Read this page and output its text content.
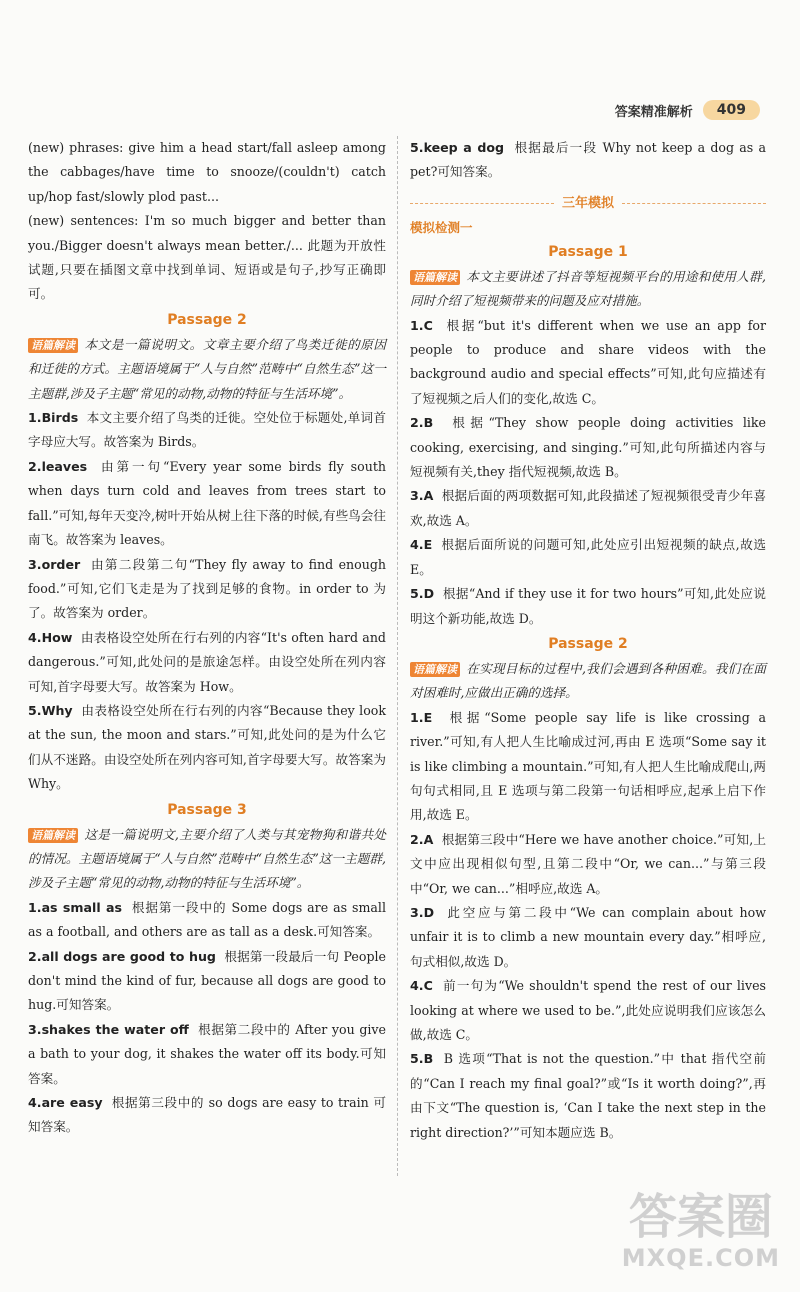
答案精准解析	409

(new) phrases: give him a head start/fall asleep among the cabbages/have time to snooze/(couldn't) catch up/hop fast/slowly plod past...

(new) sentences: I'm so much bigger and better than you./Bigger doesn't always mean better./... 此题为开放性试题,只要在插图文章中找到单词、短语或是句子,抄写正确即可。

Passage 2

语篇解读 本文是一篇说明文。文章主要介绍了鸟类迁徙的原因和迁徙的方式。主题语境属于“人与自然”范畴中“自然生态”这一主题群,涉及子主题“常见的动物,动物的特征与生活环境”。

1.Birds 本文主要介绍了鸟类的迁徙。空处位于标题处,单词首字母应大写。故答案为 Birds。

2.leaves 由第一句“Every year some birds fly south when days turn cold and leaves from trees start to fall.”可知,每年天变冷,树叶开始从树上往下落的时候,有些鸟会往南飞。故答案为 leaves。

3.order 由第二段第二句“They fly away to find enough food.”可知,它们飞走是为了找到足够的食物。in order to 为了。故答案为 order。

4.How 由表格设空处所在行右列的内容“It's often hard and dangerous.”可知,此处问的是旅途怎样。由设空处所在列内容可知,首字母要大写。故答案为 How。

5.Why 由表格设空处所在行右列的内容“Because they look at the sun, the moon and stars.”可知,此处问的是为什么它们从不迷路。由设空处所在列内容可知,首字母要大写。故答案为 Why。

Passage 3

语篇解读 这是一篇说明文,主要介绍了人类与其宠物狗和谐共处的情况。主题语境属于“人与自然”范畴中“自然生态”这一主题群,涉及子主题“常见的动物,动物的特征与生活环境”。

1.as small as 根据第一段中的 Some dogs are as small as a football, and others are as tall as a desk.可知答案。

2.all dogs are good to hug 根据第一段最后一句 People don't mind the kind of fur, because all dogs are good to hug.可知答案。

3.shakes the water off 根据第二段中的 After you give a bath to your dog, it shakes the water off its body.可知答案。

4.are easy 根据第三段中的 so dogs are easy to train 可知答案。

5.keep a dog 根据最后一段 Why not keep a dog as a pet?可知答案。

三年模拟
模拟检测一
Passage 1

语篇解读 本文主要讲述了抖音等短视频平台的用途和使用人群,同时介绍了短视频带来的问题及应对措施。

1.C 根据“but it's different when we use an app for people to produce and share videos with the background audio and special effects”可知,此句应描述有了短视频之后人们的变化,故选 C。

2.B 根据“They show people doing activities like cooking, exercising, and singing.”可知,此句所描述内容与短视频有关,they 指代短视频,故选 B。

3.A 根据后面的两项数据可知,此段描述了短视频很受青少年喜欢,故选 A。

4.E 根据后面所说的问题可知,此处应引出短视频的缺点,故选 E。

5.D 根据“And if they use it for two hours”可知,此处应说明这个新功能,故选 D。

Passage 2

语篇解读 在实现目标的过程中,我们会遇到各种困难。我们在面对困难时,应做出正确的选择。

1.E 根据“Some people say life is like crossing a river.”可知,有人把人生比喻成过河,再由 E 选项“Some say it is like climbing a mountain.”可知,有人把人生比喻成爬山,两句句式相同,且 E 选项与第二段第一句话相呼应,起承上启下作用,故选 E。

2.A 根据第三段中“Here we have another choice.”可知,上文中应出现相似句型,且第二段中“Or, we can...”与第三段中“Or, we can...”相呼应,故选 A。

3.D 此空应与第二段中“We can complain about how unfair it is to climb a new mountain every day.”相呼应,句式相似,故选 D。

4.C 前一句为“We shouldn't spend the rest of our lives looking at where we used to be.”,此处应说明我们应该怎么做,故选 C。

5.B B 选项“That is not the question.”中 that 指代空前的“Can I reach my final goal?”或“Is it worth doing?”,再由下文“The question is, ‘Can I take the next step in the right direction?’”可知本题应选 B。

答案圈
MXQE.COM
